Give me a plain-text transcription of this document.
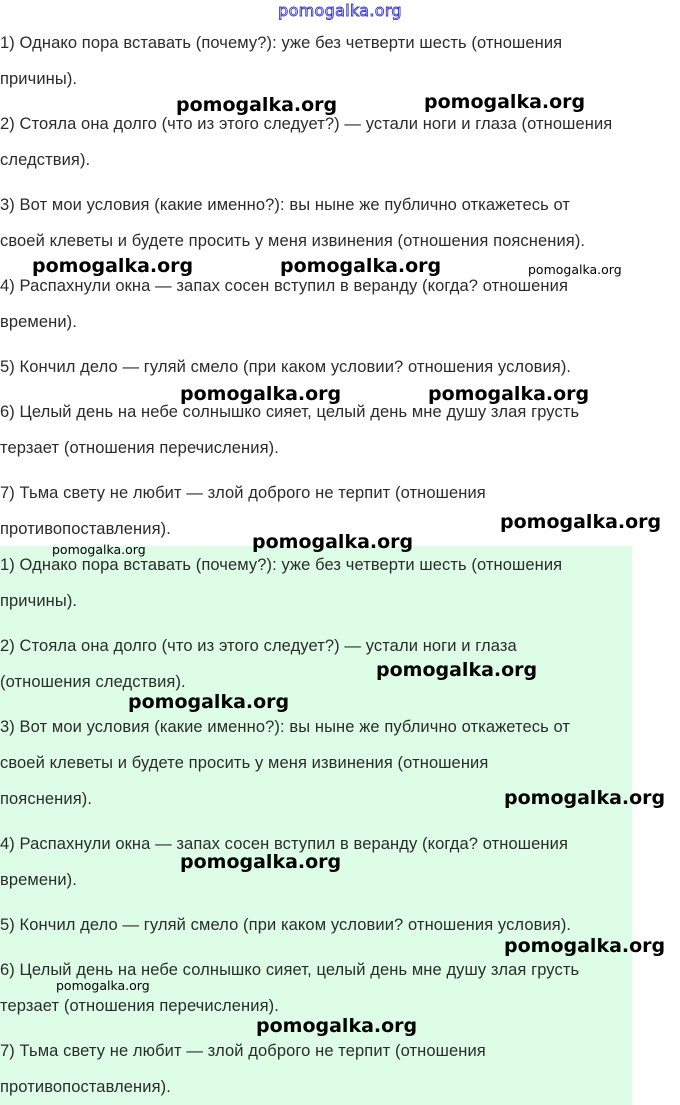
pomogalka.org
1) Однако пора вставать (почему?): уже без четверти шесть (отношения
причины).
2) Стояла она долго (что из этого следует?) — устали ноги и глаза (отношения
следствия).
3) Вот мои условия (какие именно?): вы ныне же публично откажетесь от
своей клеветы и будете просить у меня извинения (отношения пояснения).
4) Распахнули окна — запах сосен вступил в веранду (когда? отношения
времени).
5) Кончил дело — гуляй смело (при каком условии? отношения условия).
6) Целый день на небе солнышко сияет, целый день мне душу злая грусть
терзает (отношения перечисления).
7) Тьма свету не любит — злой доброго не терпит (отношения
противопоставления).
1) Однако пора вставать (почему?): уже без четверти шесть (отношения
причины).
2) Стояла она долго (что из этого следует?) — устали ноги и глаза
(отношения следствия).
3) Вот мои условия (какие именно?): вы ныне же публично откажетесь от
своей клеветы и будете просить у меня извинения (отношения
пояснения).
4) Распахнули окна — запах сосен вступил в веранду (когда? отношения
времени).
5) Кончил дело — гуляй смело (при каком условии? отношения условия).
6) Целый день на небе солнышко сияет, целый день мне душу злая грусть
терзает (отношения перечисления).
7) Тьма свету не любит — злой доброго не терпит (отношения
противопоставления).
pomogalka.org	pomogalka.org
pomogalka.org	pomogalka.org	pomogalka.org
pomogalka.org	pomogalka.org
pomogalka.org
pomogalka.org
pomogalka.org
pomogalka.org
pomogalka.org
pomogalka.org
pomogalka.org
pomogalka.org
pomogalka.org
pomogalka.org
